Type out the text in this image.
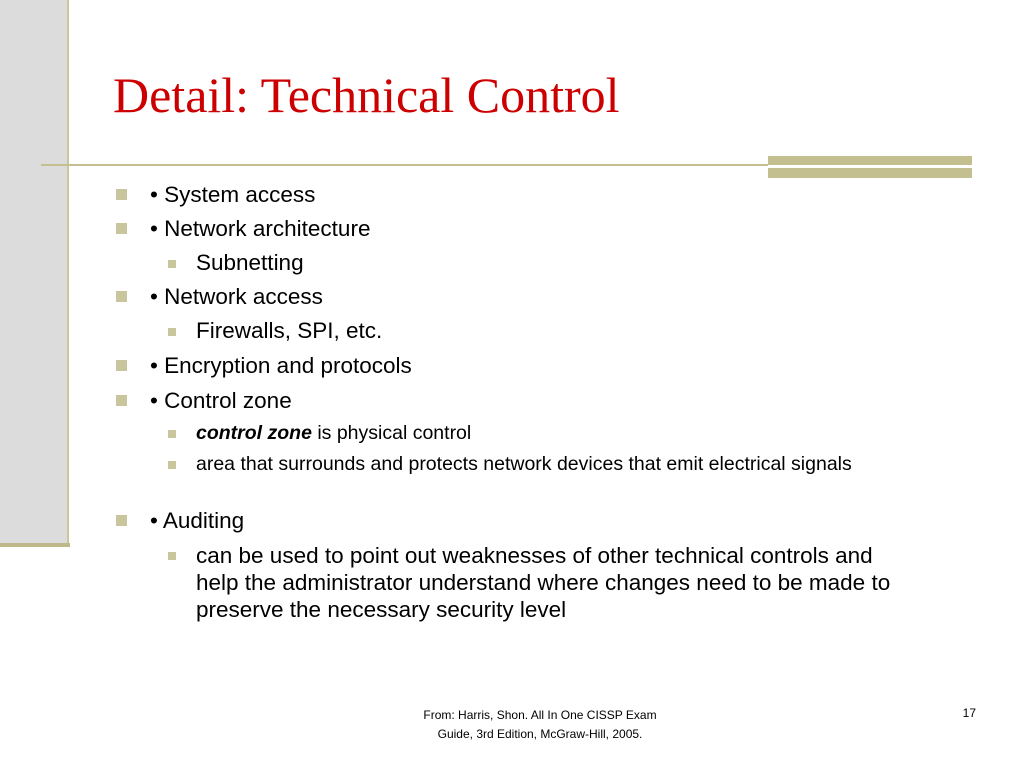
Detail: Technical Control
• System access
• Network architecture
Subnetting
• Network access
Firewalls, SPI, etc.
• Encryption and protocols
• Control zone
control zone is physical control
area that surrounds and protects network devices that emit electrical signals
• Auditing
can be used to point out weaknesses of other technical controls and help the administrator understand where changes need to be made to preserve the necessary security level
From: Harris, Shon. All In One CISSP Exam
Guide, 3rd Edition, McGraw-Hill, 2005.
17
